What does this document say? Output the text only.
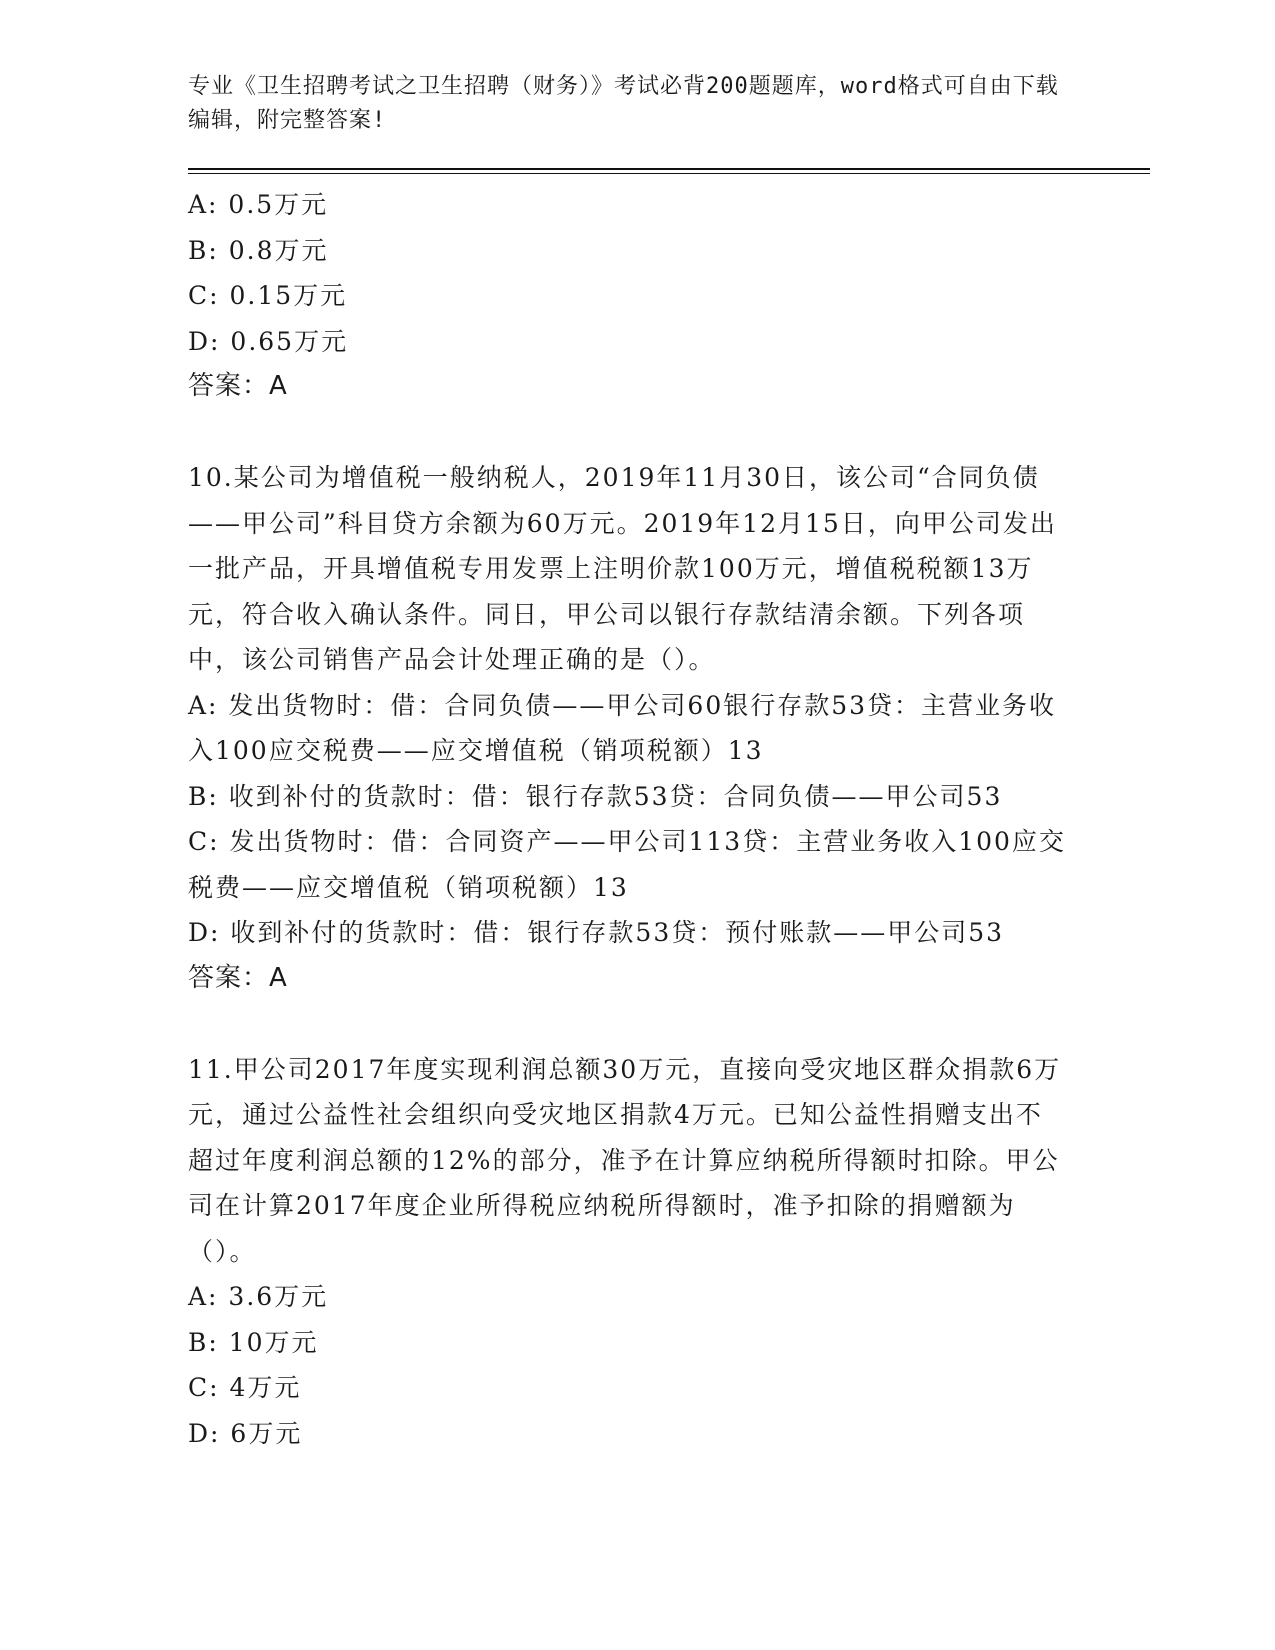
专业《卫生招聘考试之卫生招聘（财务）》考试必背200题题库，word格式可自由下载编辑，附完整答案!

A: 0.5万元

B: 0.8万元

C: 0.15万元

D: 0.65万元

答案：A

10.某公司为增值税一般纳税人，2019年11月30日，该公司“合同负债——甲公司”科目贷方余额为60万元。2019年12月15日，向甲公司发出一批产品，开具增值税专用发票上注明价款100万元，增值税税额13万元，符合收入确认条件。同日，甲公司以银行存款结清余额。下列各项中，该公司销售产品会计处理正确的是（）。

A: 发出货物时：借：合同负债——甲公司60银行存款53贷：主营业务收入100应交税费——应交增值税（销项税额）13

B: 收到补付的货款时：借：银行存款53贷：合同负债——甲公司53

C: 发出货物时：借：合同资产——甲公司113贷：主营业务收入100应交税费——应交增值税（销项税额）13

D: 收到补付的货款时：借：银行存款53贷：预付账款——甲公司53

答案：A

11.甲公司2017年度实现利润总额30万元，直接向受灾地区群众捐款6万元，通过公益性社会组织向受灾地区捐款4万元。已知公益性捐赠支出不超过年度利润总额的12%的部分，准予在计算应纳税所得额时扣除。甲公司在计算2017年度企业所得税应纳税所得额时，准予扣除的捐赠额为（）。

A: 3.6万元

B: 10万元

C: 4万元

D: 6万元
